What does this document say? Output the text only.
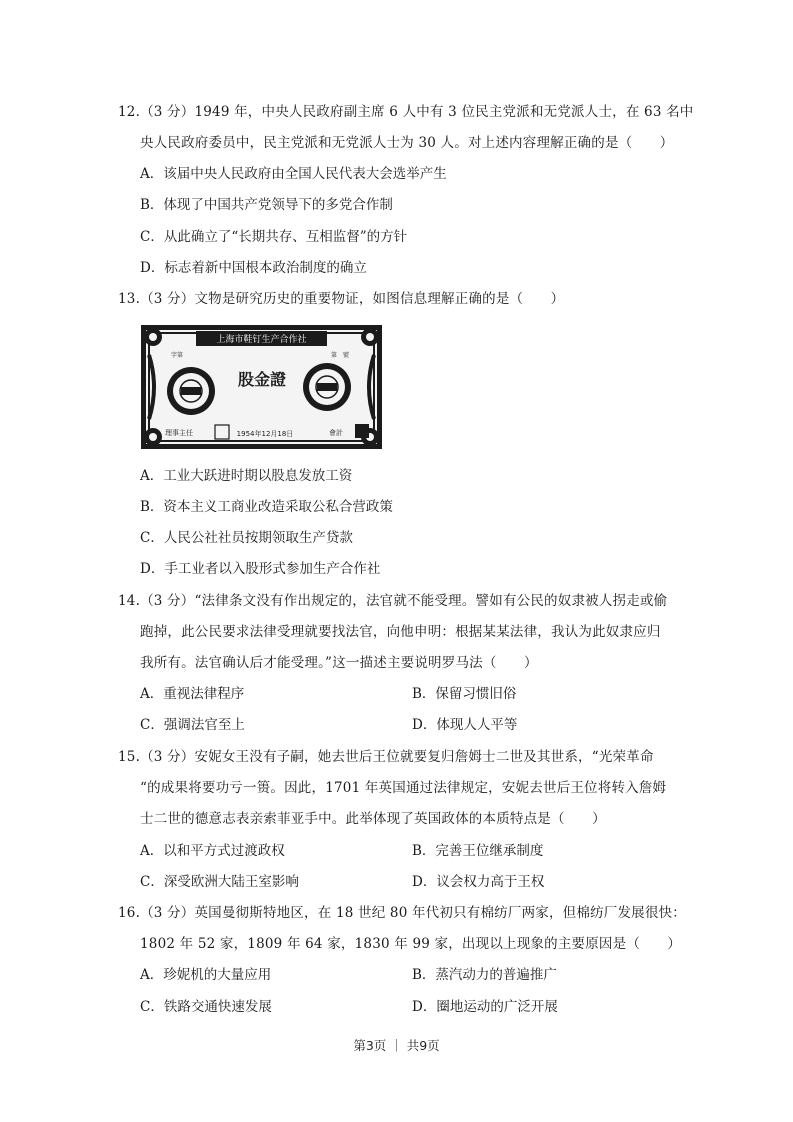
12.（3 分）1949 年，中央人民政府副主席 6 人中有 3 位民主党派和无党派人士，在 63 名中
央人民政府委员中，民主党派和无党派人士为 30 人。对上述内容理解正确的是（　　）
A．该届中央人民政府由全国人民代表大会选举产生
B．体现了中国共产党领导下的多党合作制
C．从此确立了“长期共存、互相监督”的方针
D．标志着新中国根本政治制度的确立
13.（3 分）文物是研究历史的重要物证，如图信息理解正确的是（　　）
上海市鞋钉生产合作社
字第	第　號
股金證
理事主任	1954年12月18日	會計
A．工业大跃进时期以股息发放工资
B．资本主义工商业改造采取公私合营政策
C．人民公社社员按期领取生产贷款
D．手工业者以入股形式参加生产合作社
14.（3 分）“法律条文没有作出规定的，法官就不能受理。譬如有公民的奴隶被人拐走或偷
跑掉，此公民要求法律受理就要找法官，向他申明：根据某某法律，我认为此奴隶应归
我所有。法官确认后才能受理。”这一描述主要说明罗马法（　　）
A．重视法律程序	B．保留习惯旧俗
C．强调法官至上	D．体现人人平等
15.（3 分）安妮女王没有子嗣，她去世后王位就要复归詹姆士二世及其世系，“光荣革命
“的成果将要功亏一篑。因此，1701 年英国通过法律规定，安妮去世后王位将转入詹姆
士二世的德意志表亲索菲亚手中。此举体现了英国政体的本质特点是（　　）
A．以和平方式过渡政权	B．完善王位继承制度
C．深受欧洲大陆王室影响	D．议会权力高于王权
16.（3 分）英国曼彻斯特地区，在 18 世纪 80 年代初只有棉纺厂两家，但棉纺厂发展很快：
1802 年 52 家，1809 年 64 家，1830 年 99 家，出现以上现象的主要原因是（　　）
A．珍妮机的大量应用	B．蒸汽动力的普遍推广
C．铁路交通快速发展	D．圈地运动的广泛开展
第3页 ｜ 共9页
